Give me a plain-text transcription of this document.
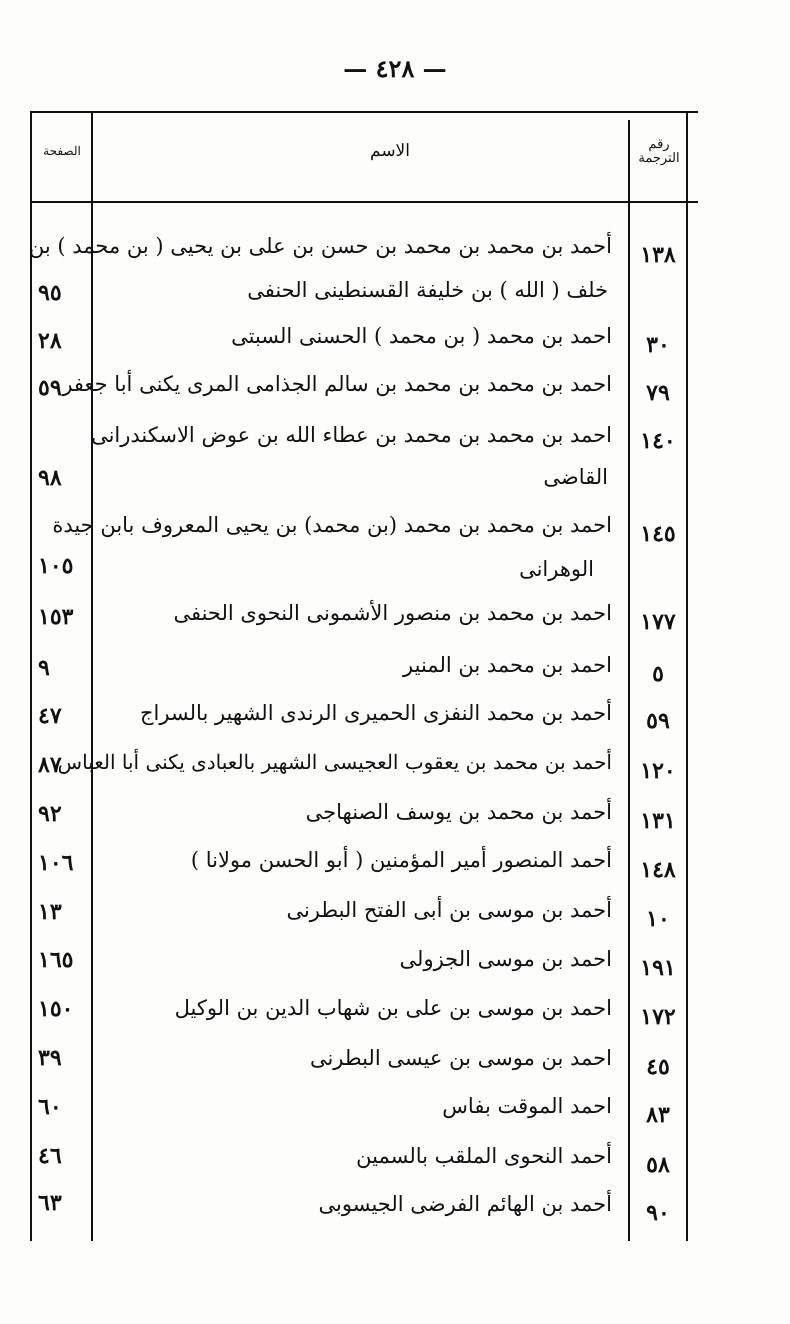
— ٤٢٨ —
الصفحة	الاسم	رقم الترجمة
١٣٨
أحمد بن محمد بن محمد بن حسن بن على بن يحيى ( بن محمد ) بن
خلف ( الله ) بن خليفة القسنطينى الحنفى
٩٥
٣٠
احمد بن محمد ( بن محمد ) الحسنى السبتى
٢٨
٧٩
احمد بن محمد بن محمد بن سالم الجذامى المرى يكنى أبا جعفر
٥٩
١٤٠
احمد بن محمد بن محمد بن عطاء الله بن عوض الاسكندرانى
القاضى
٩٨
١٤٥
احمد بن محمد بن محمد (بن محمد) بن يحيى المعروف بابن جيدة
الوهرانى
١٠٥
١٧٧
احمد بن محمد بن منصور الأشمونى النحوى الحنفى
١٥٣
٥
احمد بن محمد بن المنير
٩
٥٩
أحمد بن محمد النفزى الحميرى الرندى الشهير بالسراج
٤٧
١٢٠
أحمد بن محمد بن يعقوب العجيسى الشهير بالعبادى يكنى أبا العباس
٨٧
١٣١
أحمد بن محمد بن يوسف الصنهاجى
٩٢
١٤٨
أحمد المنصور أمير المؤمنين ( أبو الحسن مولانا )
١٠٦
١٠
أحمد بن موسى بن أبى الفتح البطرنى
١٣
١٩١
احمد بن موسى الجزولى
١٦٥
١٧٢
احمد بن موسى بن على بن شهاب الدين بن الوكيل
١٥٠
٤٥
احمد بن موسى بن عيسى البطرنى
٣٩
٨٣
احمد الموقت بفاس
٦٠
٥٨
أحمد النحوى الملقب بالسمين
٤٦
٩٠
أحمد بن الهائم الفرضى الجيسوبى
٦٣
